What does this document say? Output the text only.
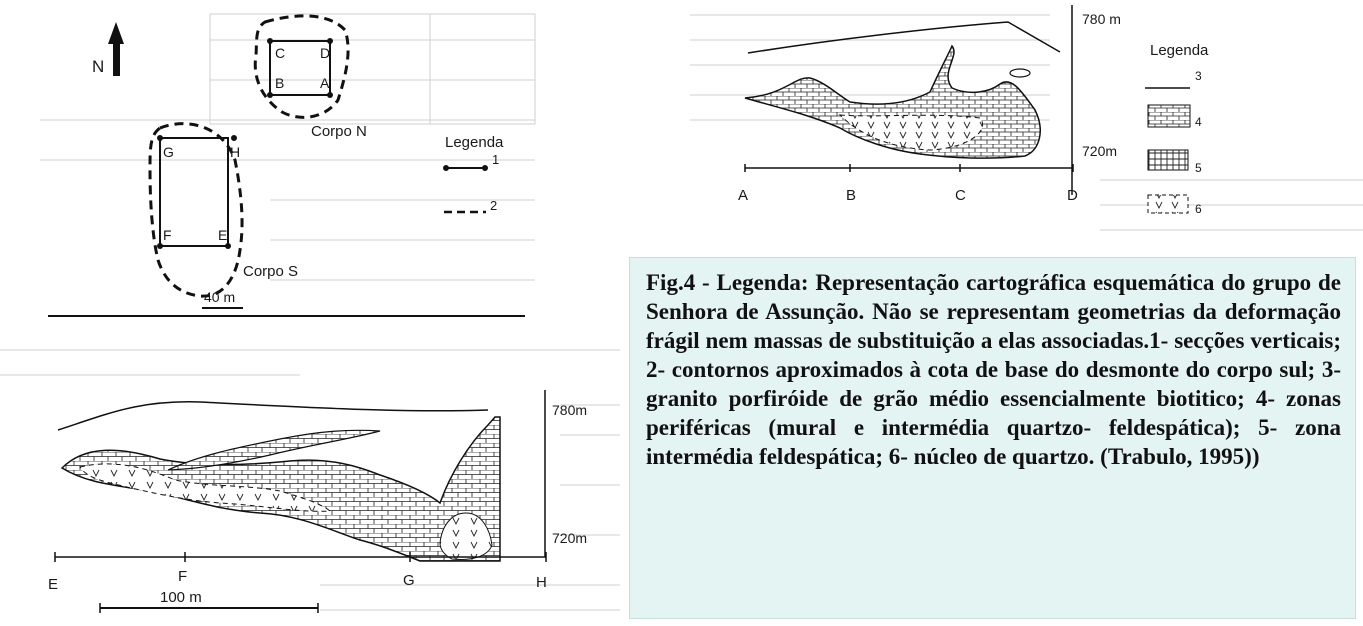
N
C D
B	A
Corpo N
G	H
F	E
Corpo S
40 m
Legenda
1
2
780 m
720m
A	B	C	D
Legenda
3
4
5
6
780m
720m
E	F	G	H
100 m

Fig.4 - Legenda: Representação cartográfica esquemática do grupo de Senhora de Assunção. Não se representam geometrias da deformação frágil nem massas de substituição a elas associadas.1- secções verticais; 2- contornos aproximados à cota de base do desmonte do corpo sul; 3- granito porfiróide de grão médio essencialmente biotitico; 4- zonas periféricas (mural e intermédia quartzo- feldespática); 5- zona intermédia feldespática; 6- núcleo de quartzo. (Trabulo, 1995))
